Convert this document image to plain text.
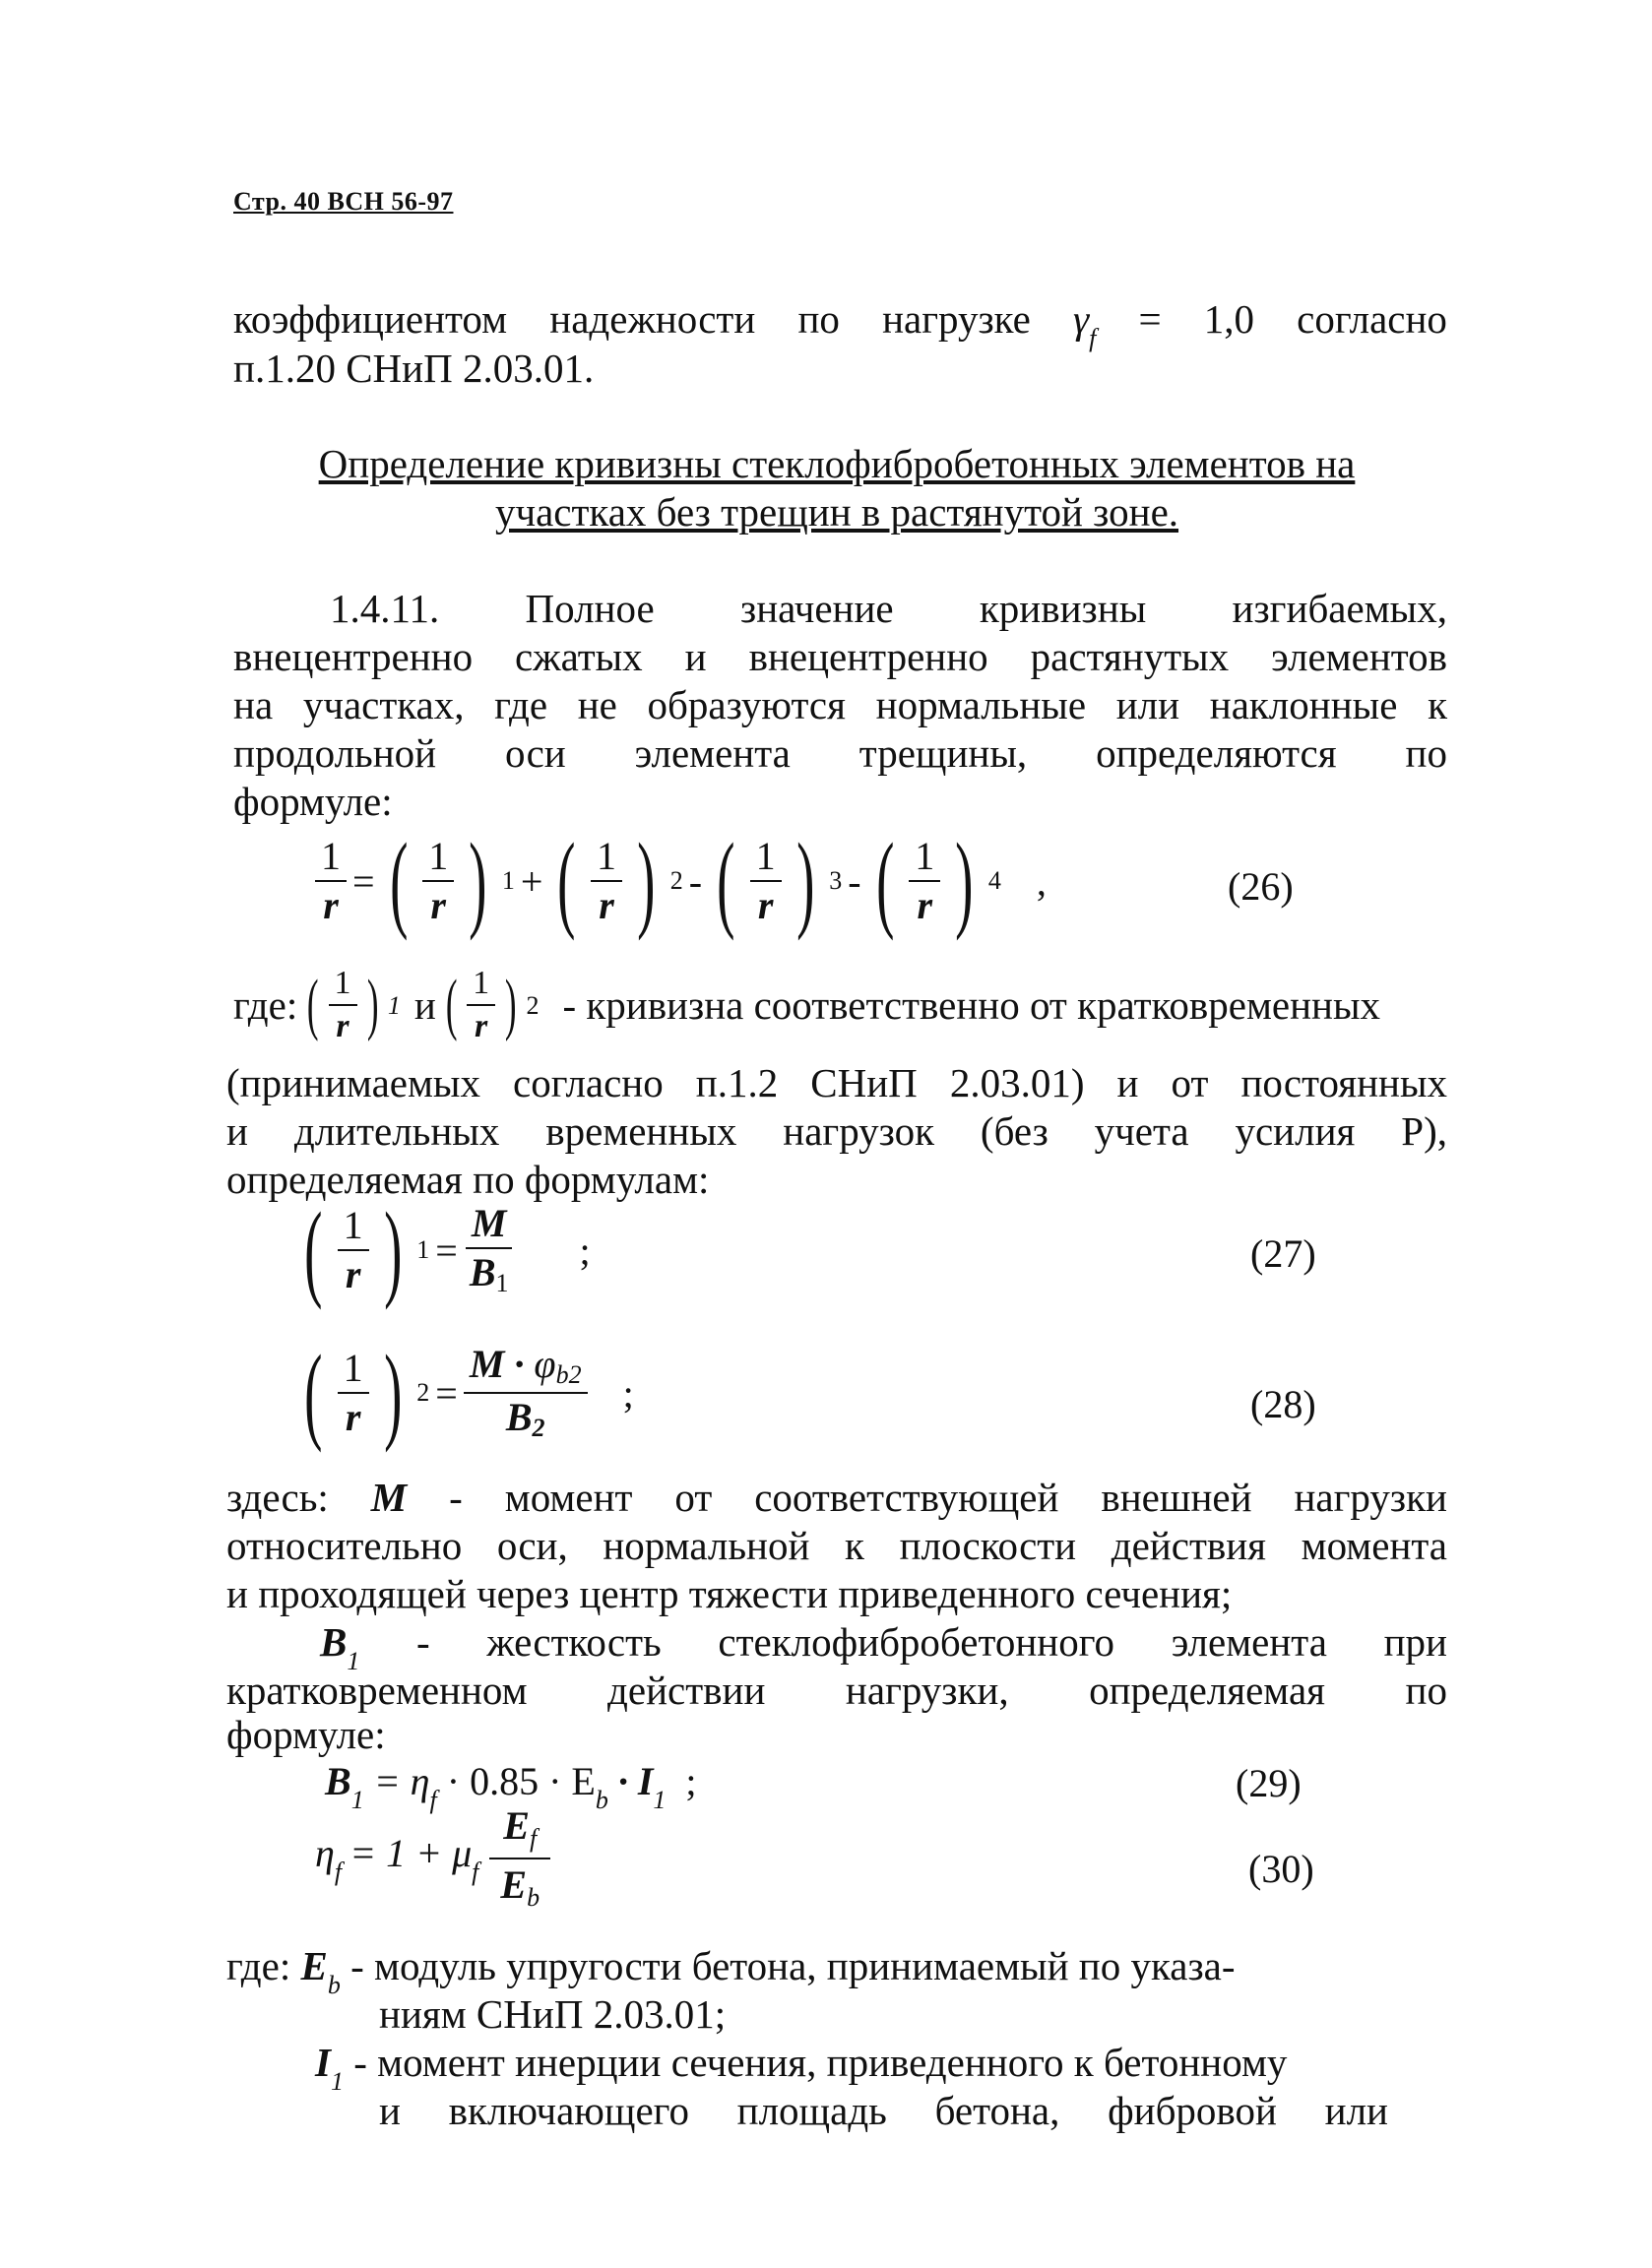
Стр. 40 ВСН 56-97
коэффициентом надежности по нагрузке $\gamma_f = 1,0$ согласно
п.1.20 СНиП 2.03.01.
Определение кривизны стеклофибробетонных элементов на
участках без трещин в растянутой зоне.
1.4.11. Полное значение кривизны изгибаемых,
внецентренно сжатых и внецентренно растянутых элементов
на участках, где не образуются нормальные или наклонные к
продольной оси элемента трещины, определяются по
формуле:
$\frac{1}{r}$ = ( $\frac{1}{r}$ ) 1 + ( $\frac{1}{r}$ ) 2 - ( $\frac{1}{r}$ ) 3 - ( $\frac{1}{r}$ ) 4 ,	(26)
где: ( $\frac{1}{r}$ ) 1 и ( $\frac{1}{r}$ ) 2 - кривизна соответственно от кратковременных
(принимаемых согласно п.1.2 СНиП 2.03.01) и от постоянных
и длительных временных нагрузок (без учета усилия Р),
определяемая по формулам:
( $\frac{1}{r}$ ) $1 = \frac{M}{B_1}$ ;	(27)
( $\frac{1}{r}$ ) $2 = \frac{M \cdot \varphi_{b2}}{B_2}$ ;	(28)
здесь: M - момент от соответствующей внешней нагрузки
относительно оси, нормальной к плоскости действия момента
и проходящей через центр тяжести приведенного сечения;
$B_1$ - жесткость стеклофибробетонного элемента при
кратковременном действии нагрузки, определяемая по
формуле:
$B_1 = \eta_f \cdot 0.85 \cdot E_b \cdot I_1$ ;	(29)
$\eta_f = 1 + \mu_f \frac{E_f}{E_b}$	(30)
где: $E_b$ - модуль упругости бетона, принимаемый по указа-
ниям СНиП 2.03.01;
$I_1$ - момент инерции сечения, приведенного к бетонному
и включающего площадь бетона, фибровой или
